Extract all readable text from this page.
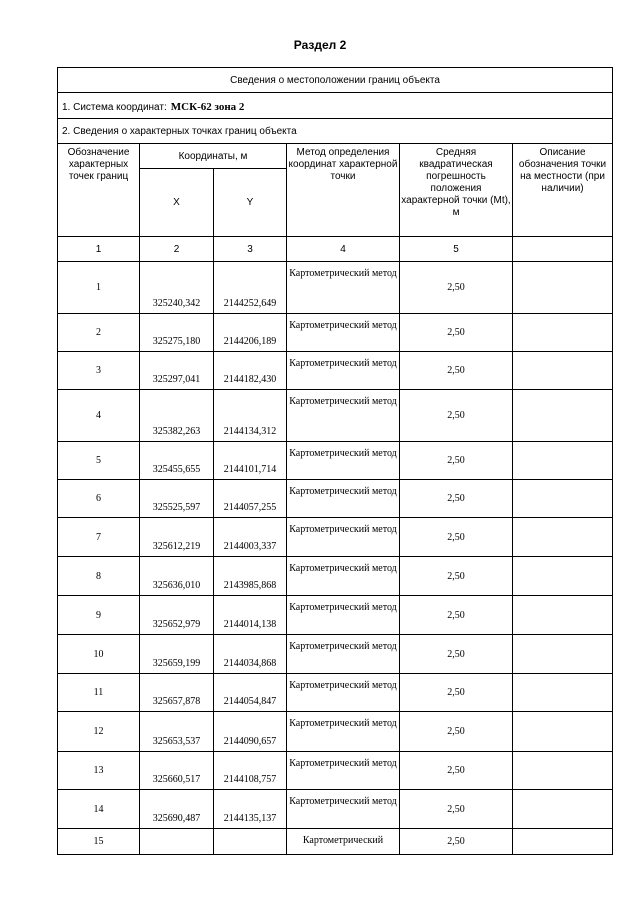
Раздел 2
Сведения о местоположении границ объекта					
1. Система координат: МСК-62 зона 2					
2. Сведения о характерных точках границ объекта					
Обозначение характерных точек границ	Координаты, м		Метод определения координат характерной точки	Средняя квадратическая погрешность положения характерной точки (Mt), м	Описание обозначения точки на местности (при наличии)
	X	Y			
1	2	3	4	5	
1	325240,342	2144252,649	Картометрический метод	2,50	
2	325275,180	2144206,189	Картометрический метод	2,50	
3	325297,041	2144182,430	Картометрический метод	2,50	
4	325382,263	2144134,312	Картометрический метод	2,50	
5	325455,655	2144101,714	Картометрический метод	2,50	
6	325525,597	2144057,255	Картометрический метод	2,50	
7	325612,219	2144003,337	Картометрический метод	2,50	
8	325636,010	2143985,868	Картометрический метод	2,50	
9	325652,979	2144014,138	Картометрический метод	2,50	
10	325659,199	2144034,868	Картометрический метод	2,50	
11	325657,878	2144054,847	Картометрический метод	2,50	
12	325653,537	2144090,657	Картометрический метод	2,50	
13	325660,517	2144108,757	Картометрический метод	2,50	
14	325690,487	2144135,137	Картометрический метод	2,50	
15			Картометрический	2,50	
